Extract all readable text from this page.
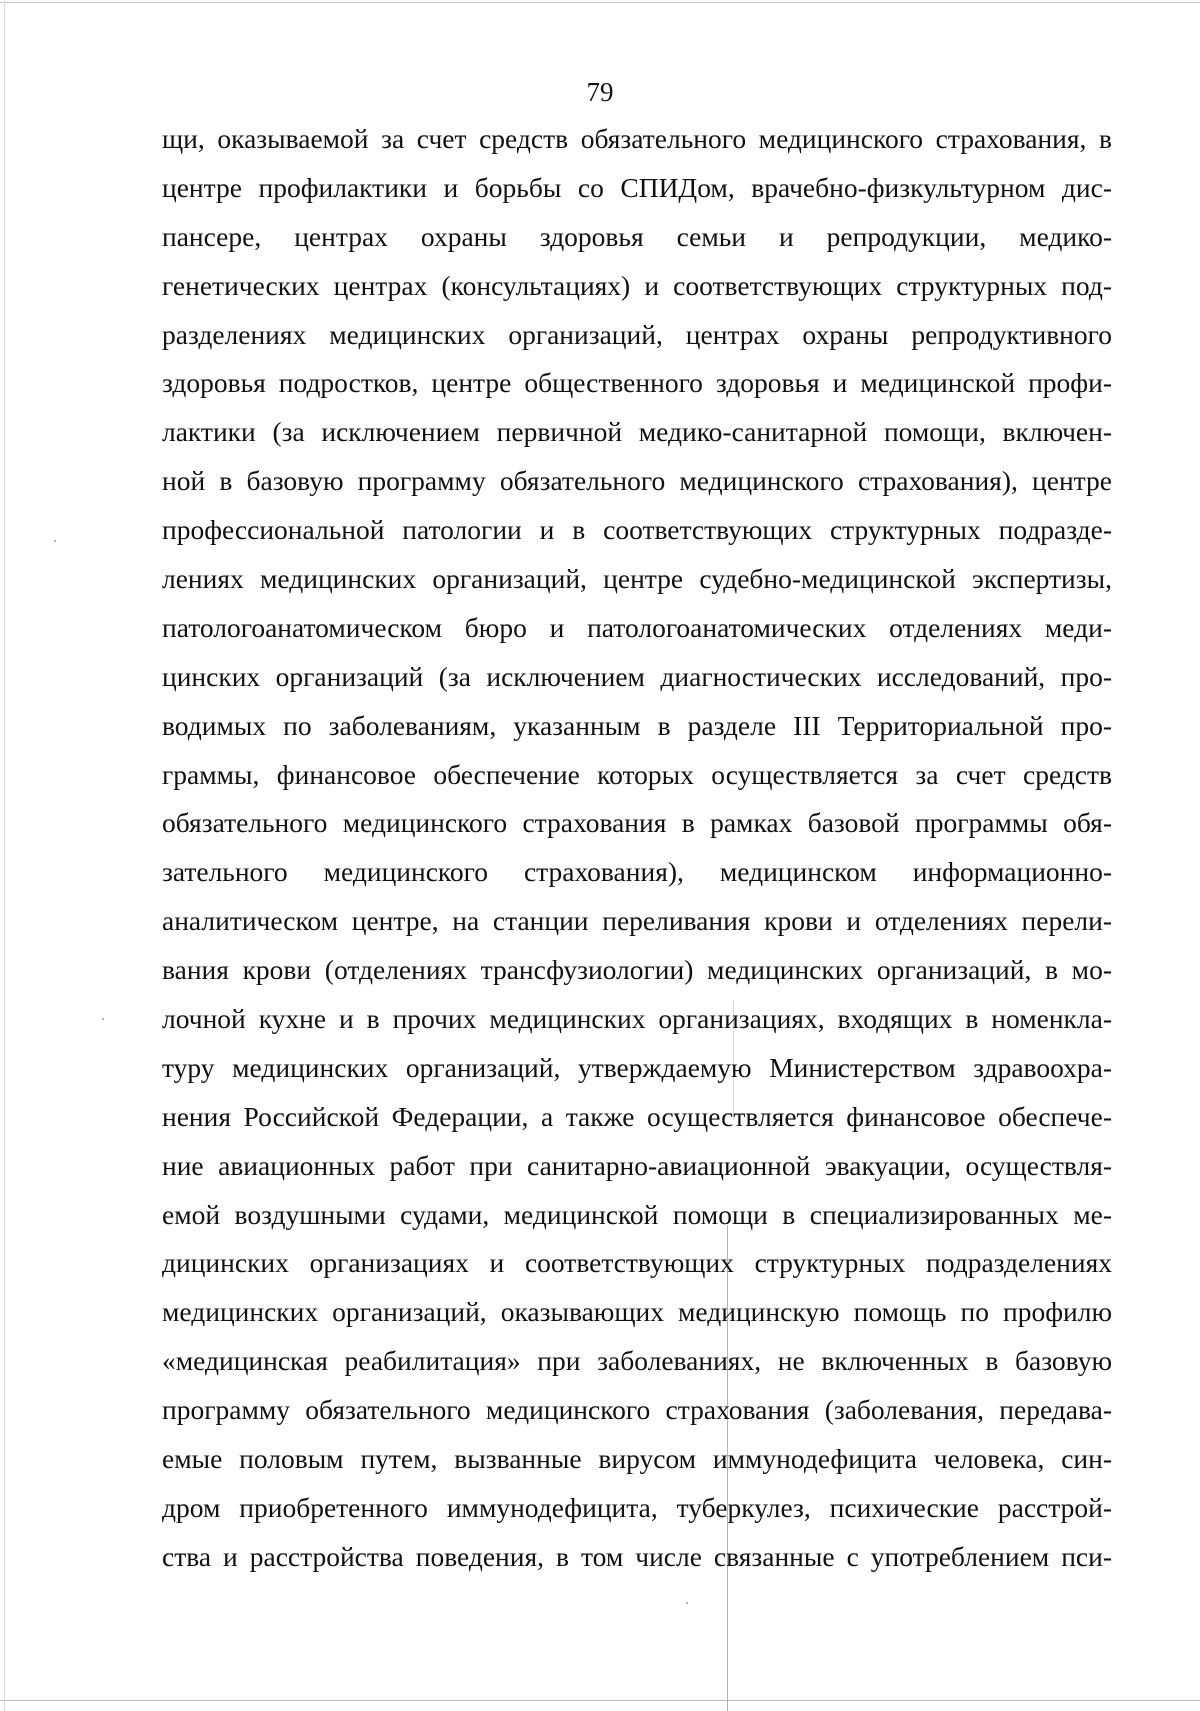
79
щи, оказываемой за счет средств обязательного медицинского страхования, в
центре профилактики и борьбы со СПИДом, врачебно-физкультурном дис-
пансере, центрах охраны здоровья семьи и репродукции, медико-
генетических центрах (консультациях) и соответствующих структурных под-
разделениях медицинских организаций, центрах охраны репродуктивного
здоровья подростков, центре общественного здоровья и медицинской профи-
лактики (за исключением первичной медико-санитарной помощи, включен-
ной в базовую программу обязательного медицинского страхования), центре
профессиональной патологии и в соответствующих структурных подразде-
лениях медицинских организаций, центре судебно-медицинской экспертизы,
патологоанатомическом бюро и патологоанатомических отделениях меди-
цинских организаций (за исключением диагностических исследований, про-
водимых по заболеваниям, указанным в разделе III Территориальной про-
граммы, финансовое обеспечение которых осуществляется за счет средств
обязательного медицинского страхования в рамках базовой программы обя-
зательного медицинского страхования), медицинском информационно-
аналитическом центре, на станции переливания крови и отделениях перели-
вания крови (отделениях трансфузиологии) медицинских организаций, в мо-
лочной кухне и в прочих медицинских организациях, входящих в номенкла-
туру медицинских организаций, утверждаемую Министерством здравоохра-
нения Российской Федерации, а также осуществляется финансовое обеспече-
ние авиационных работ при санитарно-авиационной эвакуации, осуществля-
емой воздушными судами, медицинской помощи в специализированных ме-
дицинских организациях и соответствующих структурных подразделениях
медицинских организаций, оказывающих медицинскую помощь по профилю
«медицинская реабилитация» при заболеваниях, не включенных в базовую
программу обязательного медицинского страхования (заболевания, передава-
емые половым путем, вызванные вирусом иммунодефицита человека, син-
дром приобретенного иммунодефицита, туберкулез, психические расстрой-
ства и расстройства поведения, в том числе связанные с употреблением пси-
